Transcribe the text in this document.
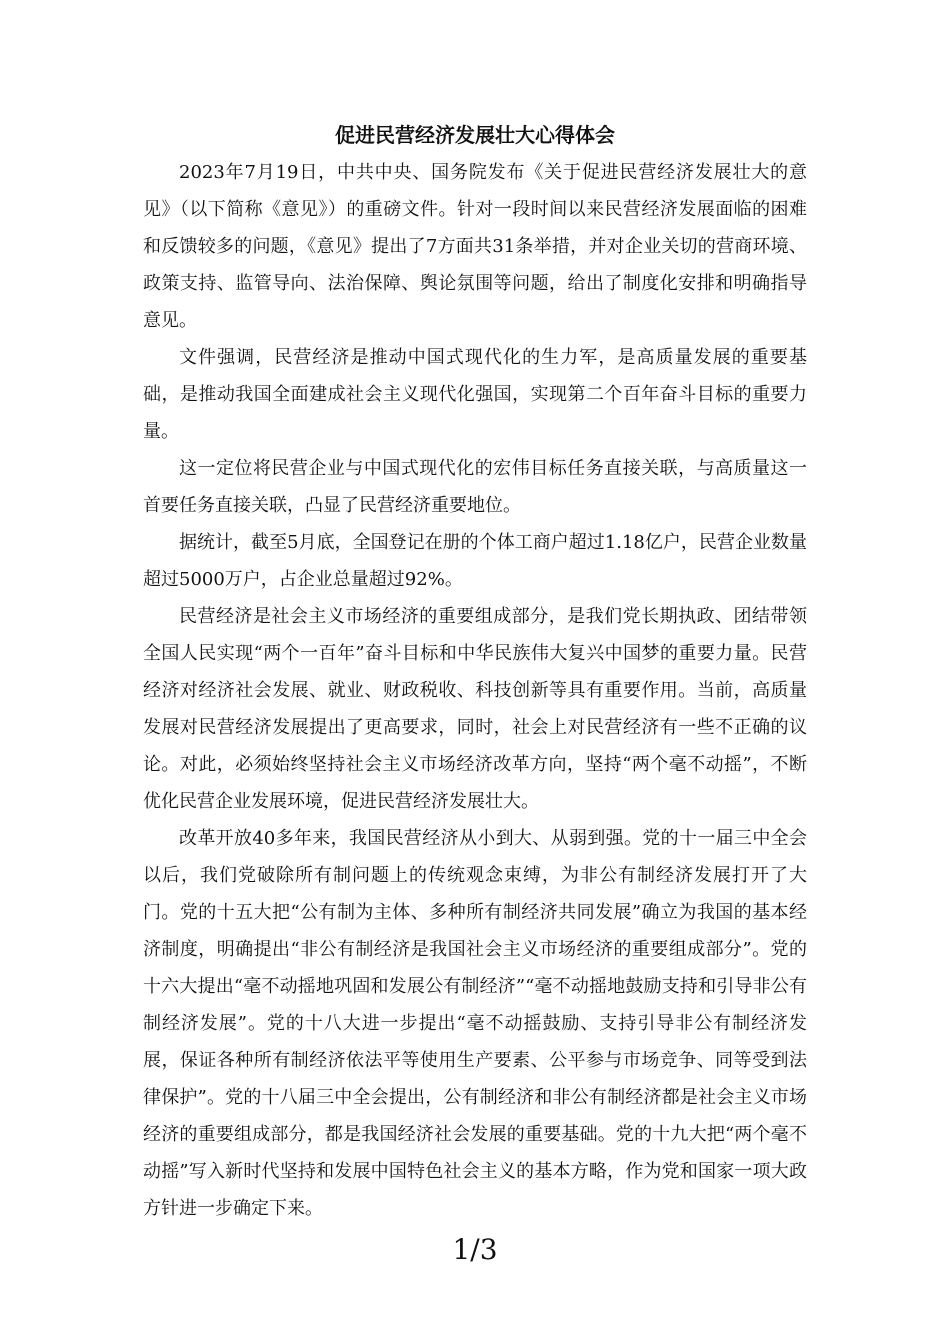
促进民营经济发展壮大心得体会

2023年7月19日，中共中央、国务院发布《关于促进民营经济发展壮大的意见》（以下简称《意见》）的重磅文件。针对一段时间以来民营经济发展面临的困难和反馈较多的问题，《意见》提出了7方面共31条举措，并对企业关切的营商环境、政策支持、监管导向、法治保障、舆论氛围等问题，给出了制度化安排和明确指导意见。

文件强调，民营经济是推动中国式现代化的生力军，是高质量发展的重要基础，是推动我国全面建成社会主义现代化强国，实现第二个百年奋斗目标的重要力量。

这一定位将民营企业与中国式现代化的宏伟目标任务直接关联，与高质量这一首要任务直接关联，凸显了民营经济重要地位。

据统计，截至5月底，全国登记在册的个体工商户超过1.18亿户，民营企业数量超过5000万户，占企业总量超过92%。

民营经济是社会主义市场经济的重要组成部分，是我们党长期执政、团结带领全国人民实现“两个一百年”奋斗目标和中华民族伟大复兴中国梦的重要力量。民营经济对经济社会发展、就业、财政税收、科技创新等具有重要作用。当前，高质量发展对民营经济发展提出了更高要求，同时，社会上对民营经济有一些不正确的议论。对此，必须始终坚持社会主义市场经济改革方向，坚持“两个毫不动摇”，不断优化民营企业发展环境，促进民营经济发展壮大。

改革开放40多年来，我国民营经济从小到大、从弱到强。党的十一届三中全会以后，我们党破除所有制问题上的传统观念束缚，为非公有制经济发展打开了大门。党的十五大把“公有制为主体、多种所有制经济共同发展”确立为我国的基本经济制度，明确提出“非公有制经济是我国社会主义市场经济的重要组成部分”。党的十六大提出“毫不动摇地巩固和发展公有制经济”“毫不动摇地鼓励支持和引导非公有制经济发展”。党的十八大进一步提出“毫不动摇鼓励、支持引导非公有制经济发展，保证各种所有制经济依法平等使用生产要素、公平参与市场竞争、同等受到法律保护”。党的十八届三中全会提出，公有制经济和非公有制经济都是社会主义市场经济的重要组成部分，都是我国经济社会发展的重要基础。党的十九大把“两个毫不动摇”写入新时代坚持和发展中国特色社会主义的基本方略，作为党和国家一项大政方针进一步确定下来。

1/3
